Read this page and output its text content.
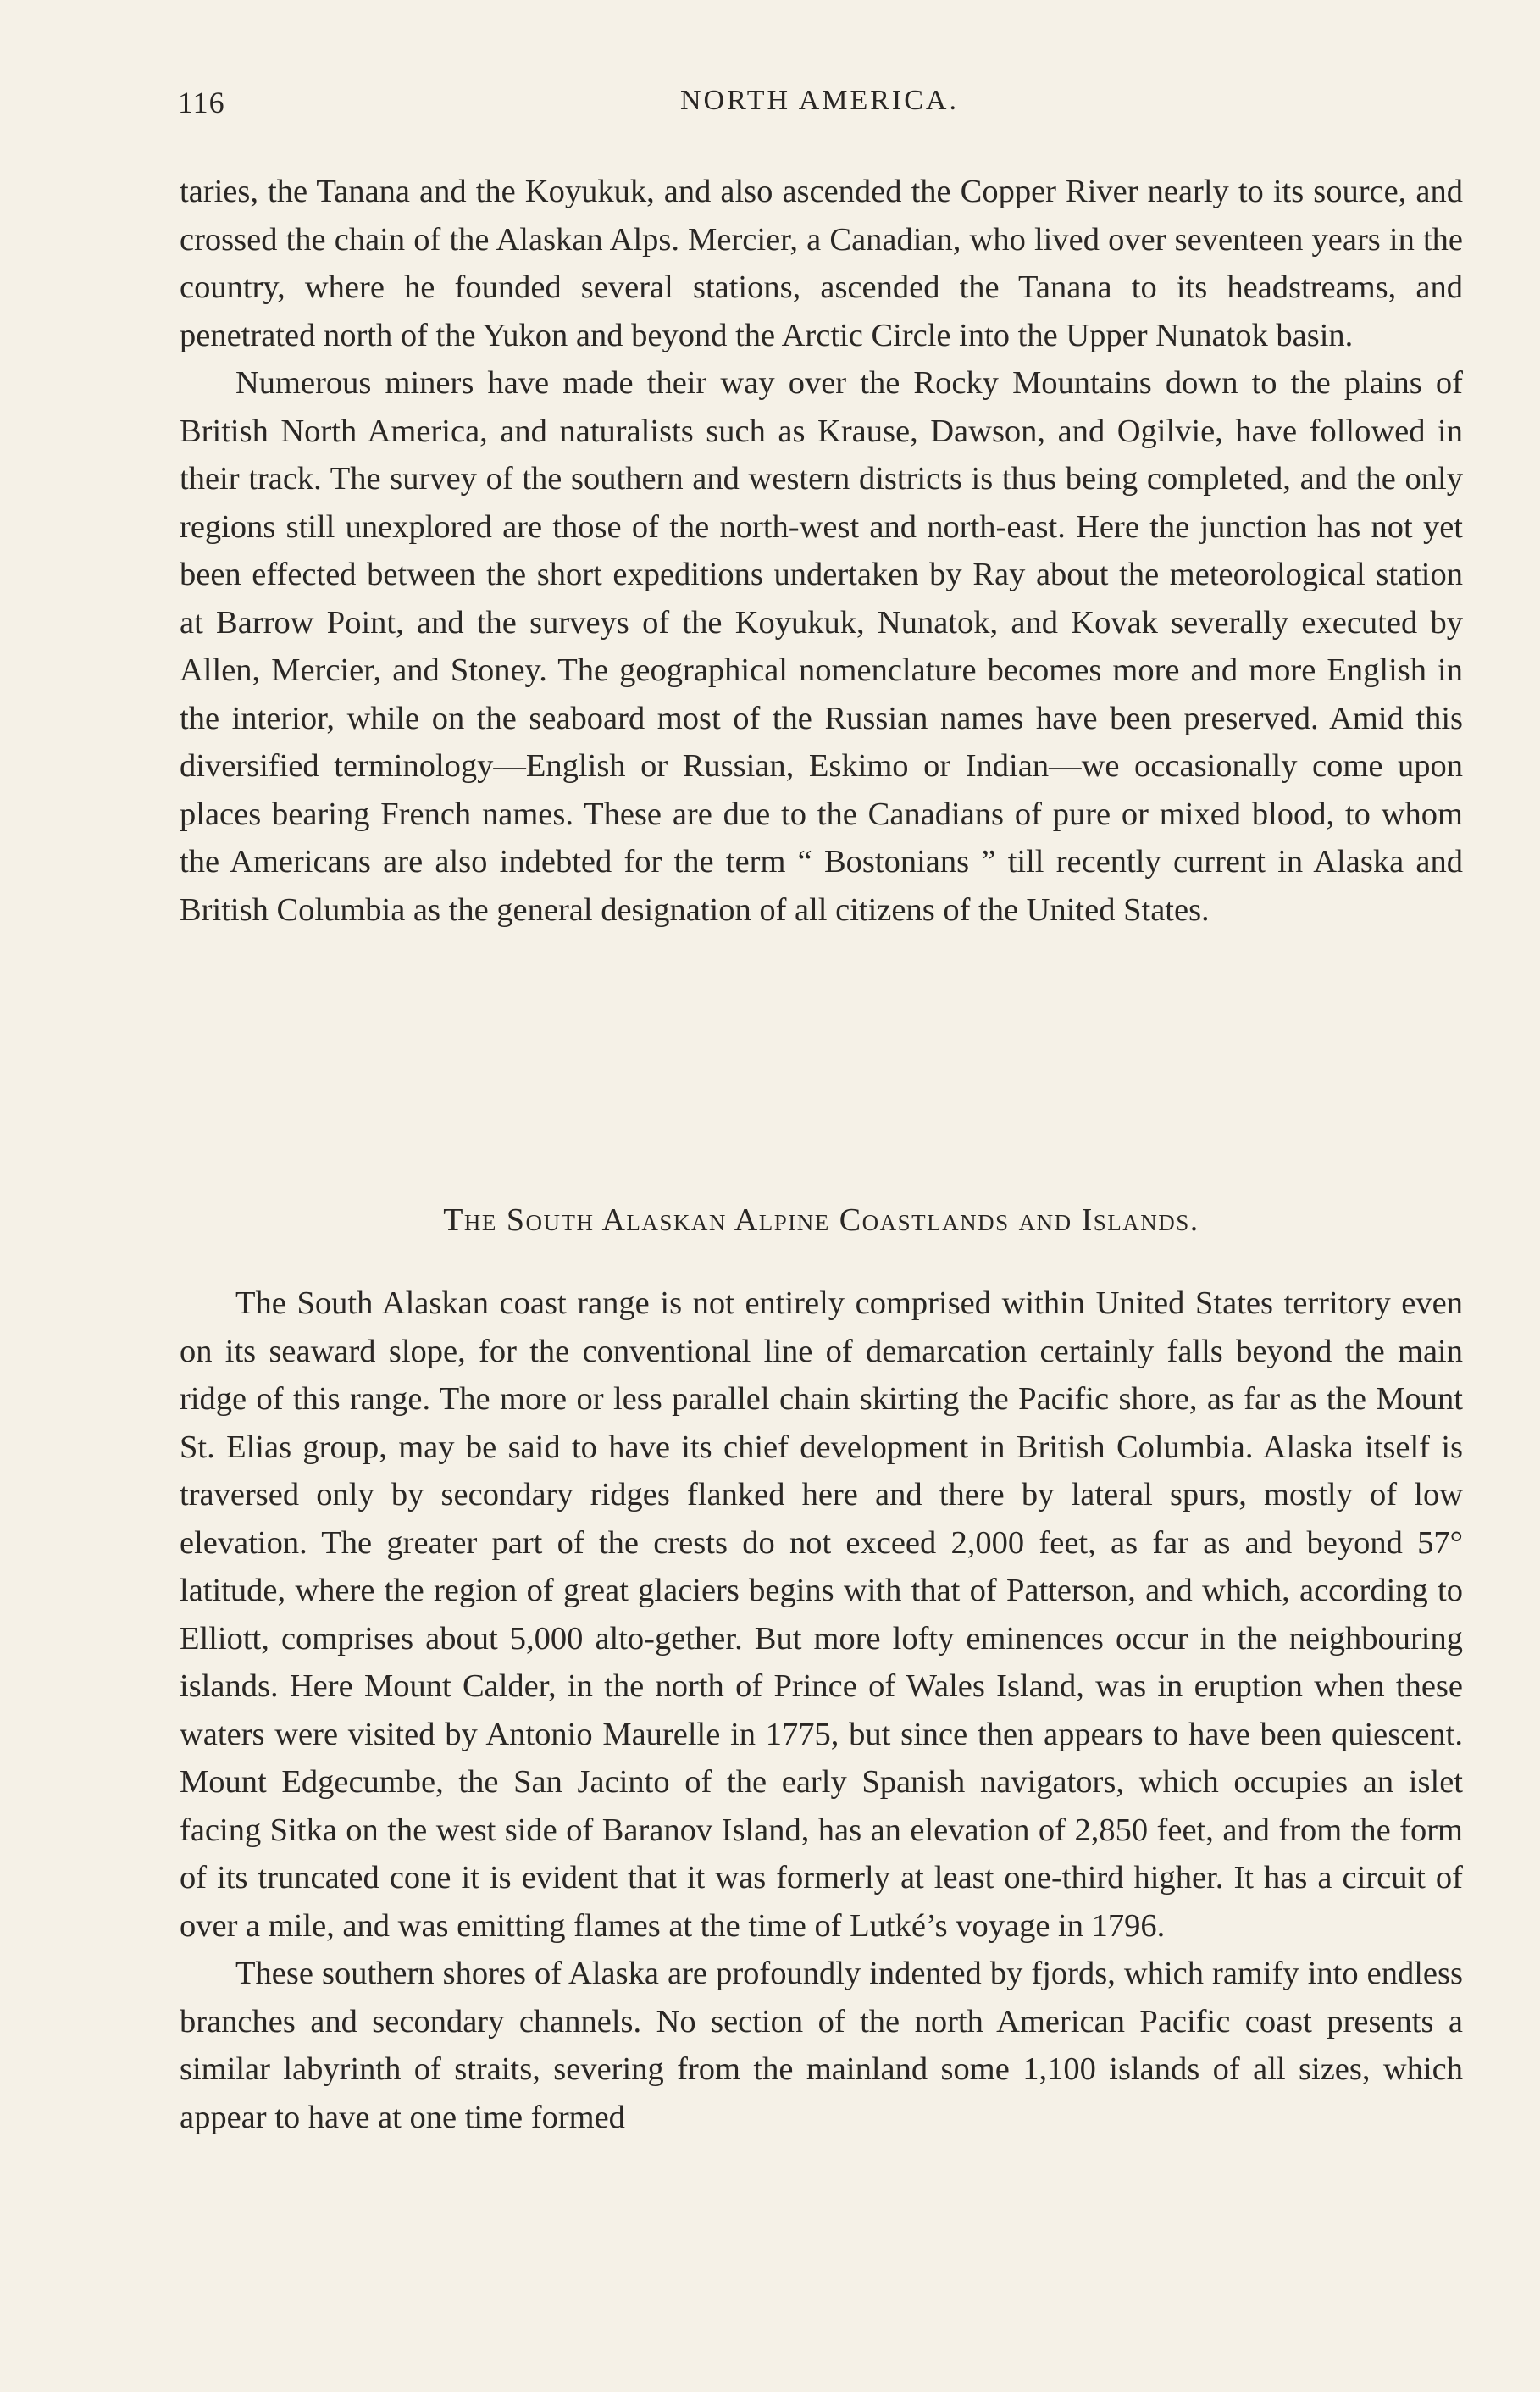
116	NORTH AMERICA.

taries, the Tanana and the Koyukuk, and also ascended the Copper River nearly to its source, and crossed the chain of the Alaskan Alps. Mercier, a Canadian, who lived over seventeen years in the country, where he founded several stations, ascended the Tanana to its headstreams, and penetrated north of the Yukon and beyond the Arctic Circle into the Upper Nunatok basin.

Numerous miners have made their way over the Rocky Mountains down to the plains of British North America, and naturalists such as Krause, Dawson, and Ogilvie, have followed in their track. The survey of the southern and western districts is thus being completed, and the only regions still unexplored are those of the north-west and north-east. Here the junction has not yet been effected between the short expeditions undertaken by Ray about the meteorological station at Barrow Point, and the surveys of the Koyukuk, Nunatok, and Kovak severally executed by Allen, Mercier, and Stoney. The geographical nomenclature becomes more and more English in the interior, while on the seaboard most of the Russian names have been preserved. Amid this diversified terminology—English or Russian, Eskimo or Indian—we occasionally come upon places bearing French names. These are due to the Canadians of pure or mixed blood, to whom the Americans are also indebted for the term “ Bostonians ” till recently current in Alaska and British Columbia as the general designation of all citizens of the United States.

The South Alaskan Alpine Coastlands and Islands.

The South Alaskan coast range is not entirely comprised within United States territory even on its seaward slope, for the conventional line of demarcation certainly falls beyond the main ridge of this range. The more or less parallel chain skirting the Pacific shore, as far as the Mount St. Elias group, may be said to have its chief development in British Columbia. Alaska itself is traversed only by secondary ridges flanked here and there by lateral spurs, mostly of low elevation. The greater part of the crests do not exceed 2,000 feet, as far as and beyond 57° latitude, where the region of great glaciers begins with that of Patterson, and which, according to Elliott, comprises about 5,000 alto-gether. But more lofty eminences occur in the neighbouring islands. Here Mount Calder, in the north of Prince of Wales Island, was in eruption when these waters were visited by Antonio Maurelle in 1775, but since then appears to have been quiescent. Mount Edgecumbe, the San Jacinto of the early Spanish navigators, which occupies an islet facing Sitka on the west side of Baranov Island, has an elevation of 2,850 feet, and from the form of its truncated cone it is evident that it was formerly at least one-third higher. It has a circuit of over a mile, and was emitting flames at the time of Lutké’s voyage in 1796.

These southern shores of Alaska are profoundly indented by fjords, which ramify into endless branches and secondary channels. No section of the north American Pacific coast presents a similar labyrinth of straits, severing from the mainland some 1,100 islands of all sizes, which appear to have at one time formed
